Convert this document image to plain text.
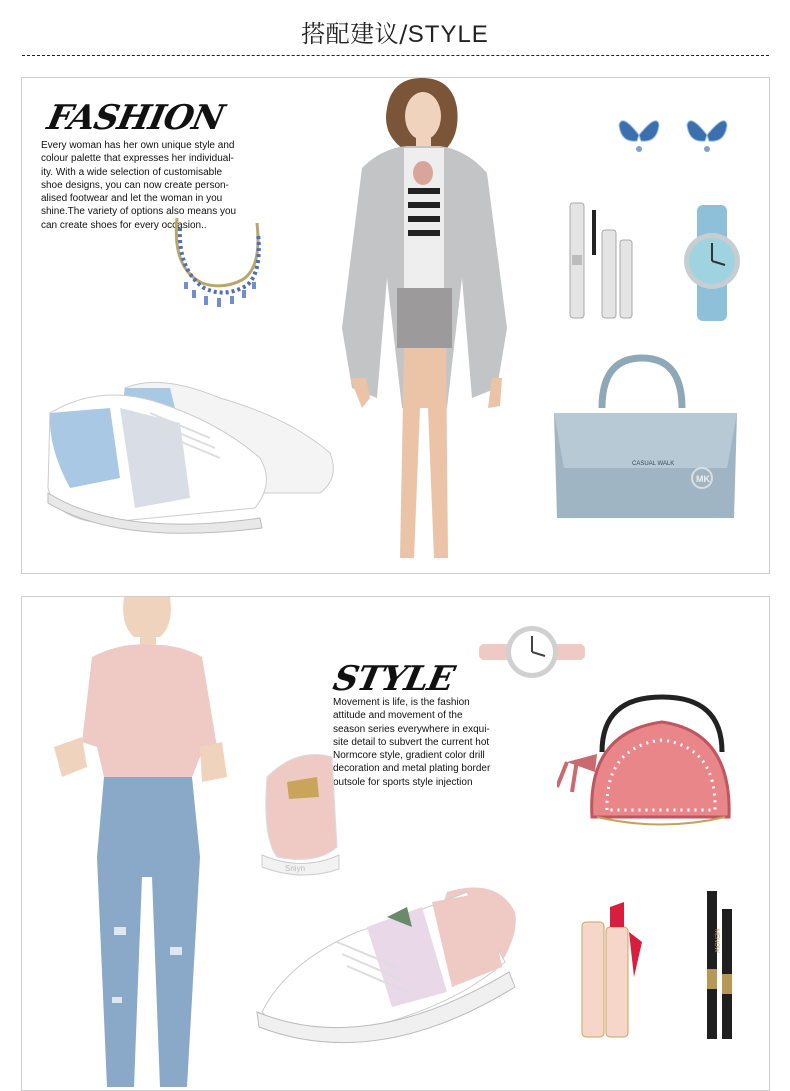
搭配建议/STYLE
FASHION
Every woman has her own unique style and
colour palette that expresses her individual-
ity. With a wide selection of customisable
shoe designs, you can now create person-
alised footwear and let the woman in you
shine.The variety of options also means you
can create shoes for every occasion..
CASUAL WALK
MK
STYLE
Movement is life, is the fashion
attitude and movement of the
season series everywhere in exqui-
site detail to subvert the current hot
Normcore style, gradient color drill
decoration and metal plating border
outsole for sports style injection
Sniyn
MENOW
